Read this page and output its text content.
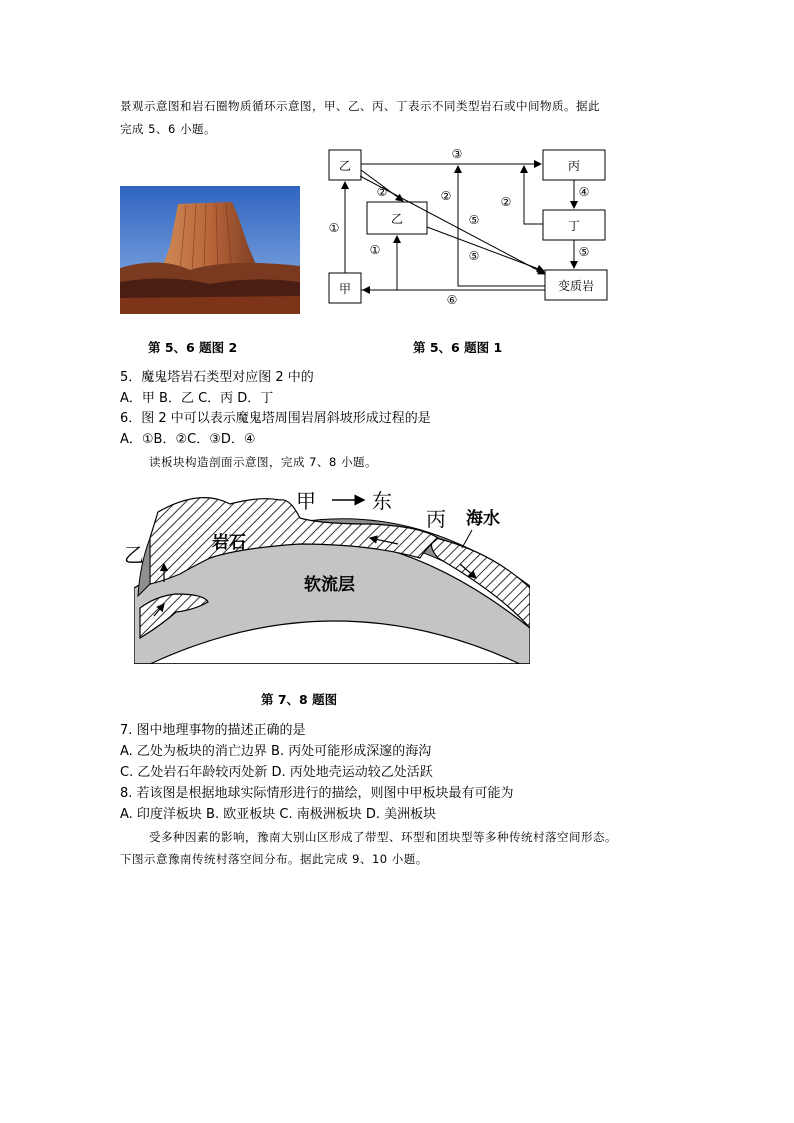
景观示意图和岩石圈物质循环示意图，甲、乙、丙、丁表示不同类型岩石或中间物质。据此
完成 5、6 小题。
乙
乙
丙
丁
甲	变质岩
③
①
①
②	②	②
④
⑤
⑤	⑤
⑥
第 5、6 题图 2	第 5、6 题图 1
5．魔鬼塔岩石类型对应图 2 中的
A．甲 B．乙 C．丙 D．丁
6．图 2 中可以表示魔鬼塔周围岩屑斜坡形成过程的是
A．①B．②C．③D．④
读板块构造剖面示意图，完成 7、8 小题。
甲	东
丙
乙
海水
岩石
软流层
第 7、8 题图
7. 图中地理事物的描述正确的是
A. 乙处为板块的消亡边界 B. 丙处可能形成深邃的海沟
C. 乙处岩石年龄较丙处新 D. 丙处地壳运动较乙处活跃
8. 若该图是根据地球实际情形进行的描绘，则图中甲板块最有可能为
A. 印度洋板块 B. 欧亚板块 C. 南极洲板块 D. 美洲板块
受多种因素的影响，豫南大别山区形成了带型、环型和团块型等多种传统村落空间形态。
下图示意豫南传统村落空间分布。据此完成 9、10 小题。
